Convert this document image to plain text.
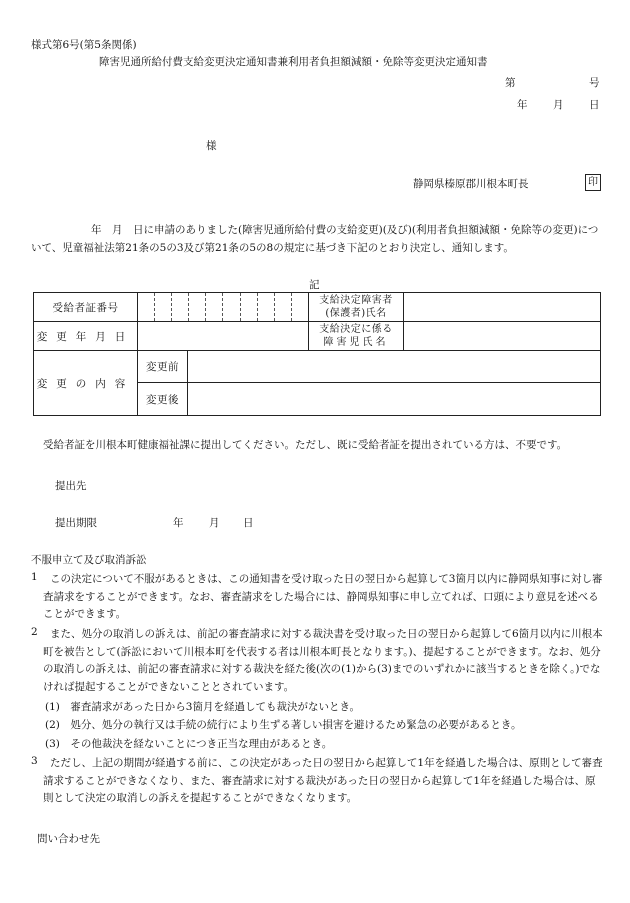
様式第6号(第5条関係)
障害児通所給付費支給変更決定通知書兼利用者負担額減額・免除等変更決定通知書
第	号
年 月 日
様
静岡県榛原郡川根本町長	印
年　月　日に申請のありました(障害児通所給付費の支給変更)(及び)(利用者負担額減額・免除等の変更)について、児童福祉法第21条の5の3及び第21条の5の8の規定に基づき下記のとおり決定し、通知します。
記
受給者証番号			支給決定障害者
(保護者)氏名	

変更年月日			支給決定に係る
障害児氏名	

変更の内容	変更前			
	変更後			
受給者証を川根本町健康福祉課に提出してください。ただし、既に受給者証を提出されている方は、不要です。
提出先
提出期限	年 月 日
不服申立て及び取消訴訟
1	この決定について不服があるときは、この通知書を受け取った日の翌日から起算して3箇月以内に静岡県知事に対し審査請求をすることができます。なお、審査請求をした場合には、静岡県知事に申し立てれば、口頭により意見を述べることができます。
2	また、処分の取消しの訴えは、前記の審査請求に対する裁決書を受け取った日の翌日から起算して6箇月以内に川根本町を被告として(訴訟において川根本町を代表する者は川根本町長となります。)、提起することができます。なお、処分の取消しの訴えは、前記の審査請求に対する裁決を経た後(次の(1)から(3)までのいずれかに該当するときを除く。)でなければ提起することができないこととされています。
(1)　審査請求があった日から3箇月を経過しても裁決がないとき。
(2)　処分、処分の執行又は手続の続行により生ずる著しい損害を避けるため緊急の必要があるとき。
(3)　その他裁決を経ないことにつき正当な理由があるとき。
3	ただし、上記の期間が経過する前に、この決定があった日の翌日から起算して1年を経過した場合は、原則として審査請求することができなくなり、また、審査請求に対する裁決があった日の翌日から起算して1年を経過した場合は、原則として決定の取消しの訴えを提起することができなくなります。
問い合わせ先
